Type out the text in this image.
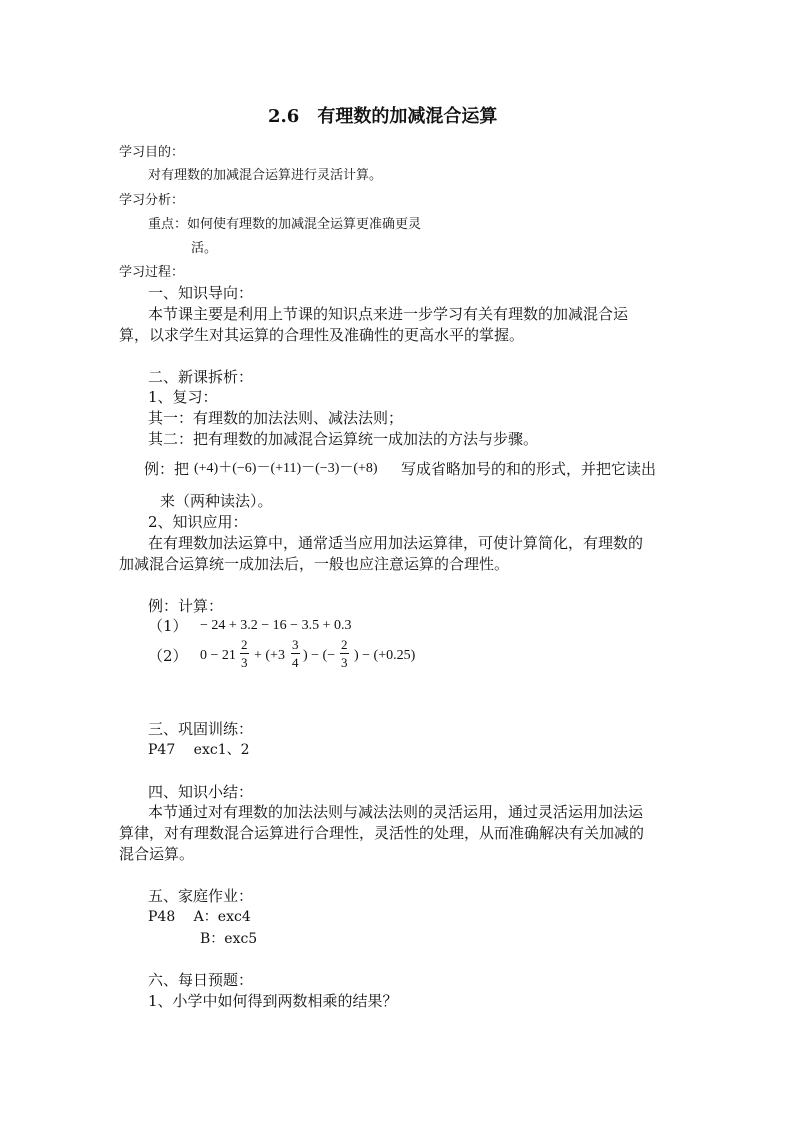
2.6　有理数的加减混合运算
学习目的：
对有理数的加减混合运算进行灵活计算。
学习分析：
重点：如何使有理数的加减混全运算更准确更灵
活。
学习过程：
一、知识导向：
本节课主要是利用上节课的知识点来进一步学习有关有理数的加减混合运
算，以求学生对其运算的合理性及准确性的更高水平的掌握。
二、新课拆析：
1、复习：
其一：有理数的加法法则、减法法则；
其二：把有理数的加减混合运算统一成加法的方法与步骤。
例：把 (+4)＋(−6)－(+11)－(−3)－(+8) 写成省略加号的和的形式，并把它读出
来（两种读法）。
2、知识应用：
在有理数加法运算中，通常适当应用加法运算律，可使计算简化，有理数的
加减混合运算统一成加法后，一般也应注意运算的合理性。
例：计算：
（1） − 24 + 3.2 − 16 − 3.5 + 0.3
（2） $0 - 21 \frac{2}{3} + (+3 \frac{3}{4}$ ) − (− $\frac{2}{3}$ ) − (+0.25)
三、巩固训练：
P47　 exc1、2
四、知识小结：
本节通过对有理数的加法法则与减法法则的灵活运用，通过灵活运用加法运
算律，对有理数混合运算进行合理性，灵活性的处理，从而准确解决有关加减的
混合运算。
五、家庭作业：
P48　 A：exc4
B：exc5
六、每日预题：
1、小学中如何得到两数相乘的结果？
